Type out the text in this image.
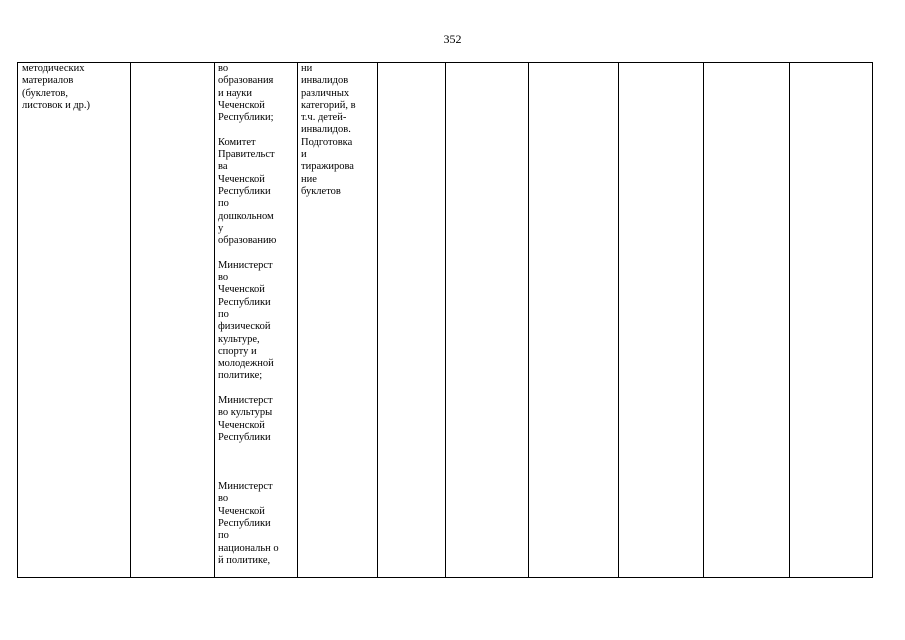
352

методических
материалов
(буклетов,
листовок и др.)

во
образования
и науки
Чеченской
Республики;

Комитет
Правительст
ва
Чеченской
Республики
по
дошкольном
у
образованию

Министерст
во
Чеченской
Республики
по
физической
культуре,
спорту и
молодежной
политике;

Министерст
во культуры
Чеченской
Республики

Министерст
во
Чеченской
Республики
по
национальн о
й политике,

ни
инвалидов
различных
категорий, в
т.ч. детей-
инвалидов.
Подготовка
и
тиражирова
ние
буклетов
